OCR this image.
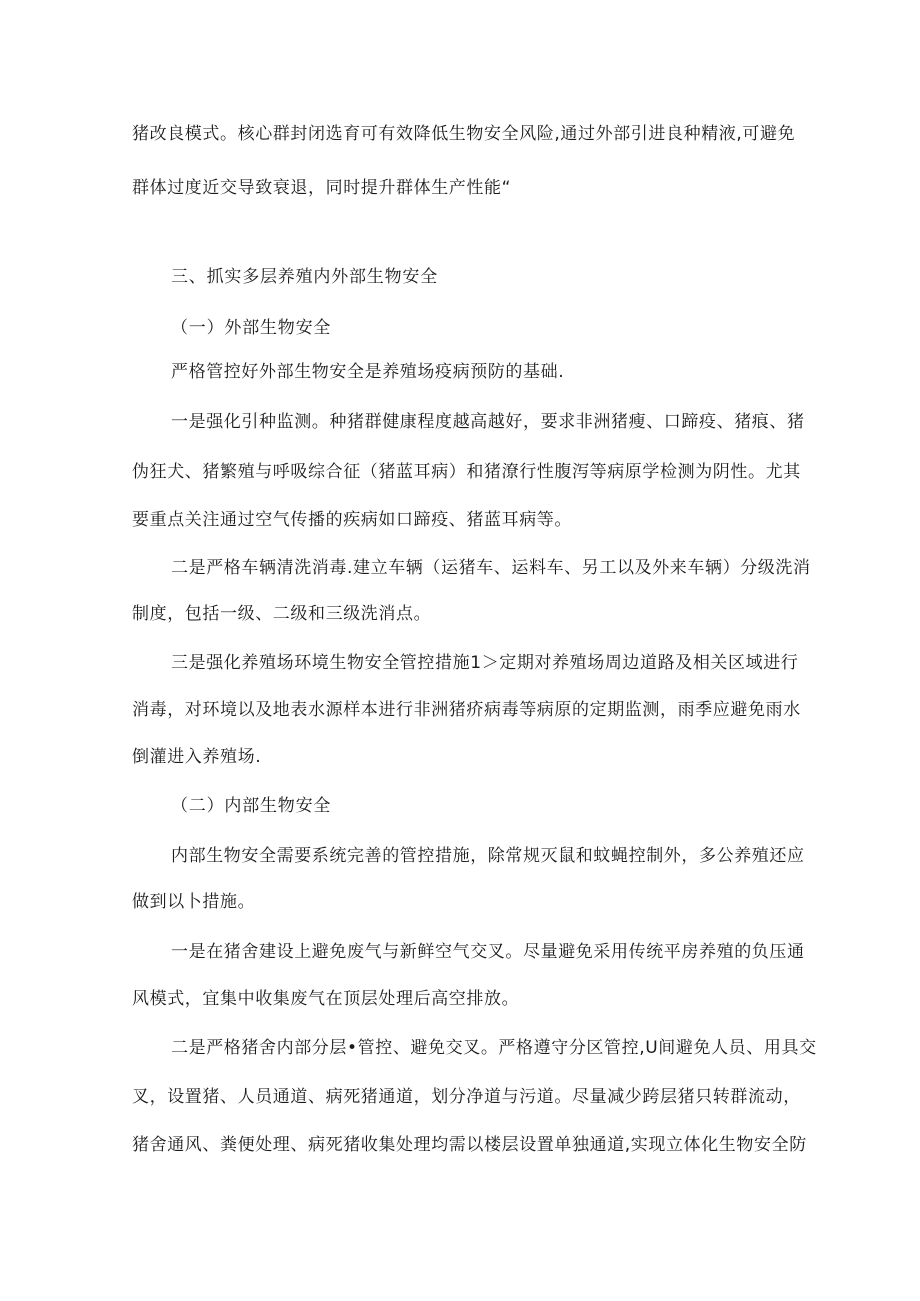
猪改良模式。核心群封闭选育可有效降低生物安全风险,通过外部引进良种精液,可避免

群体过度近交导致衰退，同时提升群体生产性能“

三、抓实多层养殖内外部生物安全

（一）外部生物安全

严格管控好外部生物安全是养殖场疫病预防的基础.

一是强化引种监测。种猪群健康程度越高越好，要求非洲猪瘦、口蹄疫、猪痕、猪

伪狂犬、猪繁殖与呼吸综合征（猪蓝耳病）和猪潦行性腹泻等病原学检测为阴性。尤其

要重点关注通过空气传播的疾病如口蹄疫、猪蓝耳病等。

二是严格车辆清洗消毒.建立车辆（运猪车、运料车、另工以及外来车辆）分级洗消

制度，包括一级、二级和三级洗消点。

三是强化养殖场环境生物安全管控措施1＞定期对养殖场周边道路及相关区域进行

消毒，对环境以及地表水源样本进行非洲猪疥病毒等病原的定期监测，雨季应避免雨水

倒灌进入养殖场.

（二）内部生物安全

内部生物安全需要系统完善的管控措施，除常规灭鼠和蚊蝇控制外，多公养殖还应

做到以卜措施。

一是在猪舍建设上避免废气与新鲜空气交叉。尽量避免采用传统平房养殖的负压通

风模式，宜集中收集废气在顶层处理后高空排放。

二是严格猪舍内部分层•管控、避免交叉。严格遵守分区管控,U间避免人员、用具交

叉，设置猪、人员通道、病死猪通道，划分净道与污道。尽量减少跨层猪只转群流动，

猪舍通风、粪便处理、病死猪收集处理均需以楼层设置单独通道,实现立体化生物安全防
